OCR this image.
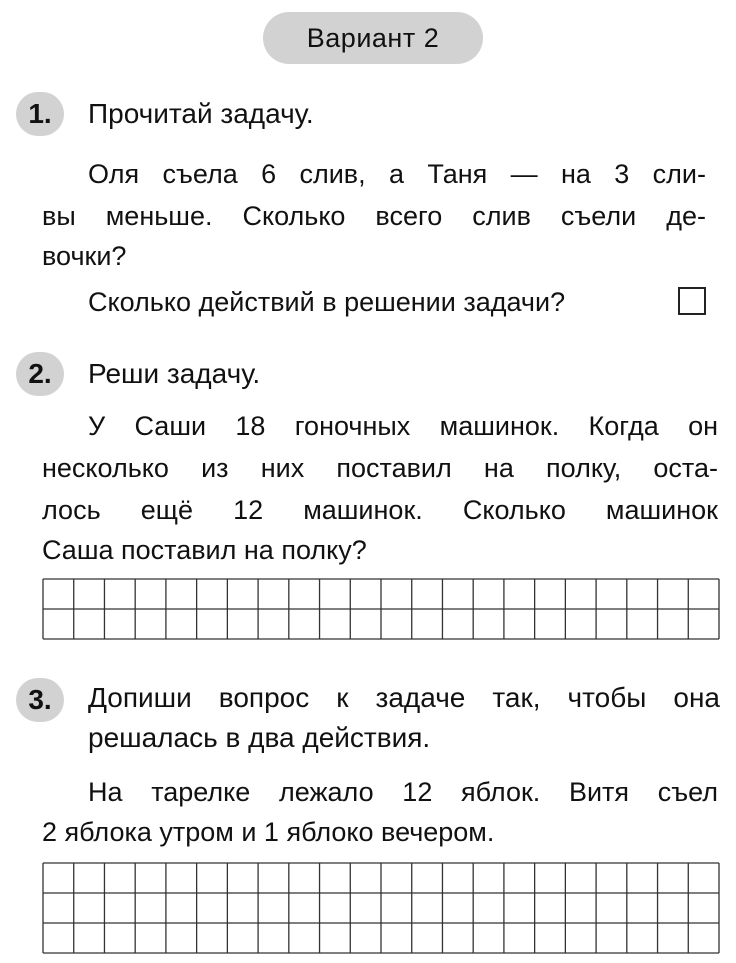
Вариант 2
1.	Прочитай задачу.
Оля съела 6 слив, а Таня — на 3 сли-
вы меньше. Сколько всего слив съели де-
вочки?
Сколько действий в решении задачи?
2.	Реши задачу.
У Саши 18 гоночных машинок. Когда он
несколько из них поставил на полку, оста-
лось ещё 12 машинок. Сколько машинок
Саша поставил на полку?
3.	Допиши вопрос к задаче так, чтобы она
решалась в два действия.
На тарелке лежало 12 яблок. Витя съел
2 яблока утром и 1 яблоко вечером.
